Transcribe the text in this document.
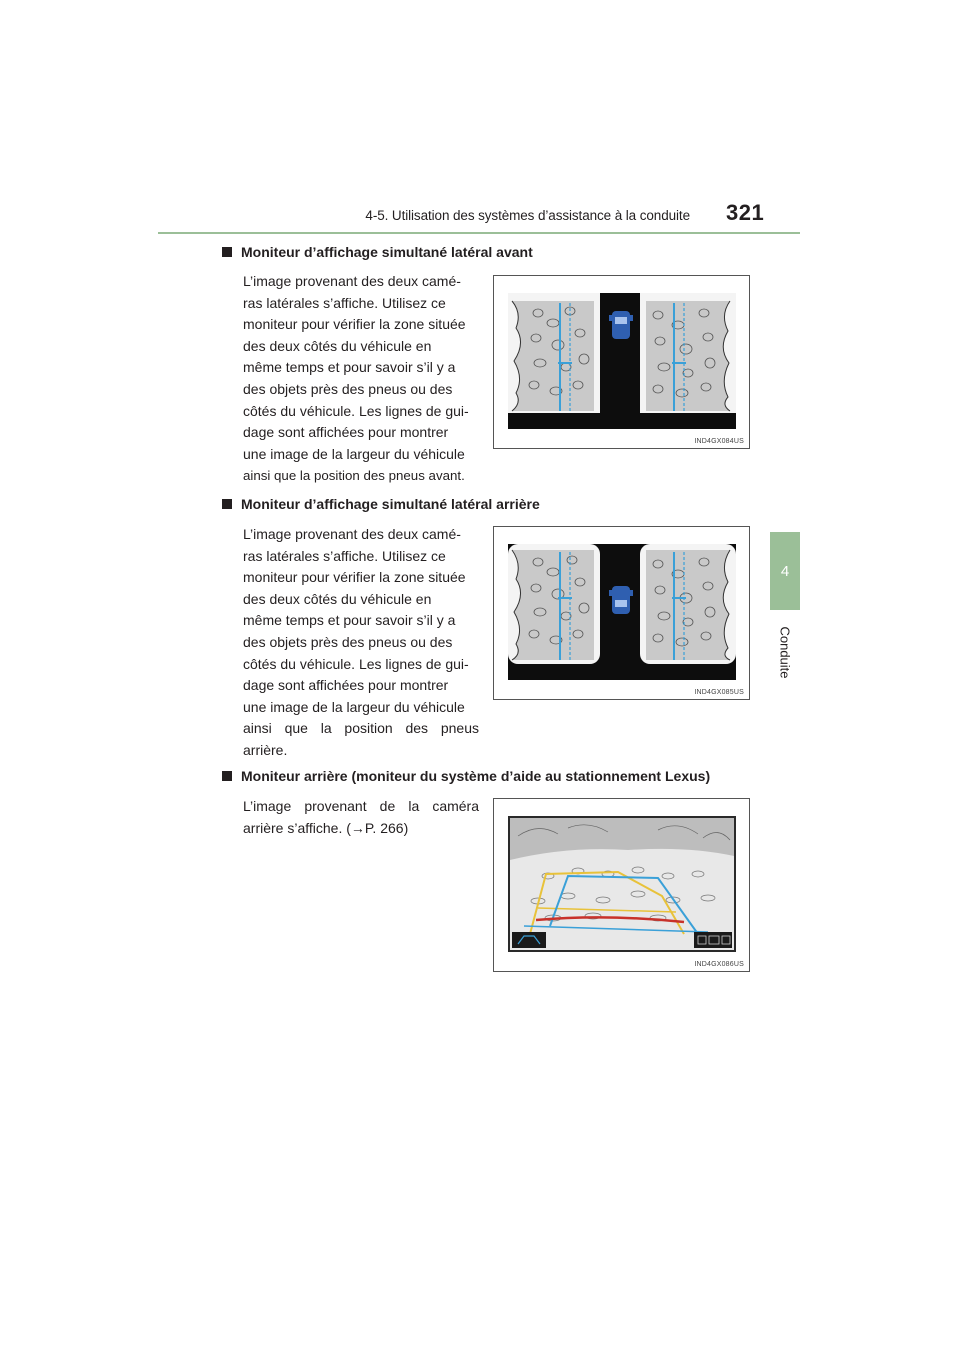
4-5. Utilisation des systèmes d’assistance à la conduite 321
4
Conduite
Moniteur d’affichage simultané latéral avant
L’image provenant des deux camé-
ras latérales s’affiche. Utilisez ce
moniteur pour vérifier la zone située
des deux côtés du véhicule en
même temps et pour savoir s’il y a
des objets près des pneus ou des
côtés du véhicule. Les lignes de gui-
dage sont affichées pour montrer
une image de la largeur du véhicule
ainsi que la position des pneus avant.
IND4GX084US
Moniteur d’affichage simultané latéral arrière
L’image provenant des deux camé-
ras latérales s’affiche. Utilisez ce
moniteur pour vérifier la zone située
des deux côtés du véhicule en
même temps et pour savoir s’il y a
des objets près des pneus ou des
côtés du véhicule. Les lignes de gui-
dage sont affichées pour montrer
une image de la largeur du véhicule
ainsi que la position des pneus
arrière.
IND4GX085US
Moniteur arrière (moniteur du système d’aide au stationnement Lexus)
L’image provenant de la caméra
arrière s’affiche. (→P. 266)
IND4GX086US
